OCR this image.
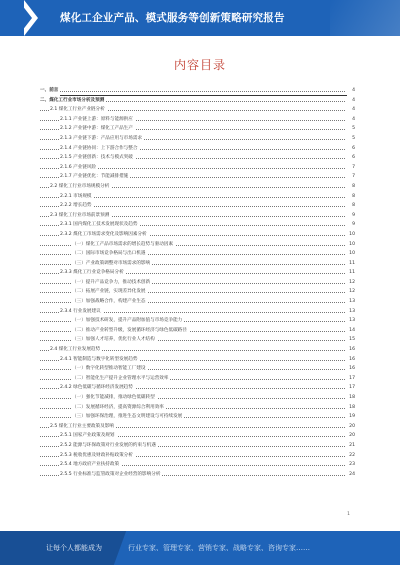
煤化工企业产品、模式服务等创新策略研究报告
内容目录
一、前言	4
二、煤化工行业市场分析及预测	4
2.1 煤化工行业产业链分析	4
2.1.1 产业链上游：原料与能源供应	4
2.1.2 产业链中游：煤化工产品生产	5
2.1.3 产业链下游：产品应用与市场需求	5
2.1.4 产业链协同：上下游合作与整合	6
2.1.5 产业链创新：技术与模式突破	6
2.1.6 产业链风险	7
2.1.7 产业链优化：节能减排措施	7
2.2 煤化工行业市场规模分析	8
2.2.1 市场规模	8
2.2.2 增长趋势	8
2.3 煤化工行业市场前景预测	9
2.3.1 国内煤化工技术发展现状及趋势	9
2.3.2 煤化工市场需求变化及影响因素分析	10
（一）煤化工产品市场需求的增长趋势与驱动因素	10
（二）国际市场竞争格局与出口机遇	10
（三）产业政策调整对市场需求的影响	11
2.3.3 煤化工行业竞争格局分析	11
（一）提升产品竞争力，推动技术创新	12
（二）拓展产业链，实现差异化发展	12
（三）加强战略合作，构建产业生态	13
2.3.4 行业发展建议	13
（一）加强技术研发，提升产品附加值与市场竞争能力	13
（二）推动产业转型升级，发展循环经济与绿色低碳路径	14
（三）加强人才培养，优化行业人才结构	15
2.4 煤化工行业发展趋势	16
2.4.1 智能制造与数字化转型发展趋势	16
（一）数字化转型推动智能工厂建设	16
（二）智能化生产提升企业管理水平与运营效率	17
2.4.2 绿色低碳与循环经济发展趋势	17
（一）强化节能减排，推动绿色低碳转型	18
（二）发展循环经济，提高资源综合利用效率	18
（三）加强环保治理，推进生态文明建设与可持续发展	19
2.5 煤化工行业主要政策及影响	20
2.5.1 国家产业政策及规划	20
2.5.2 能源与环保政策对行业发展的约束与机遇	21
2.5.3 税收优惠及财政补贴政策分析	22
2.5.4 地方政府产业扶持政策	23
2.5.5 行业标准与监管政策对企业经营的影响分析	24
1
让每个人都能成为	行业专家、管理专家、营销专家、战略专家、咨询专家……
